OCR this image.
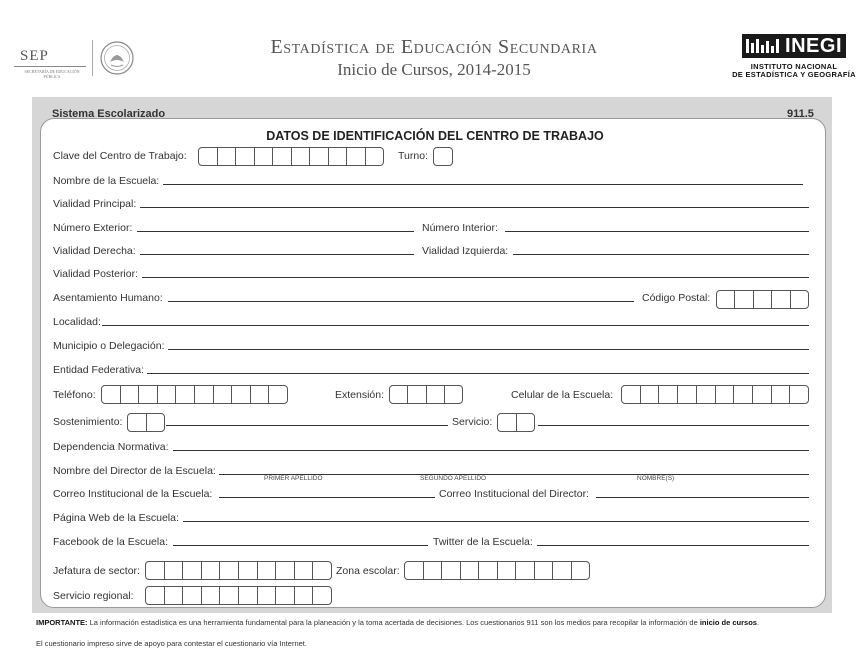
SEP
SECRETARÍA DE EDUCACIÓN PÚBLICA
Estadística de Educación Secundaria
Inicio de Cursos, 2014-2015
INEGI
INSTITUTO NACIONAL
DE ESTADÍSTICA Y GEOGRAFÍA
Sistema Escolarizado	911.5
DATOS DE IDENTIFICACIÓN DEL CENTRO DE TRABAJO
Clave del Centro de Trabajo:	Turno:
Nombre de la Escuela:
Vialidad Principal:
Número Exterior:	Número Interior:
Vialidad Derecha:	Vialidad Izquierda:
Vialidad Posterior:
Asentamiento Humano:	Código Postal:
Localidad:
Municipio o Delegación:
Entidad Federativa:
Teléfono:	Extensión:	Celular de la Escuela:
Sostenimiento:	Servicio:
Dependencia Normativa:
Nombre del Director de la Escuela:
PRIMER APELLIDO	SEGUNDO APELLIDO	NOMBRE(S)
Correo Institucional de la Escuela:	Correo Institucional del Director:
Página Web de la Escuela:
Facebook de la Escuela:	Twitter de la Escuela:
Jefatura de sector:	Zona escolar:
Servicio regional:
IMPORTANTE: La información estadística es una herramienta fundamental para la planeación y la toma acertada de decisiones. Los cuestionarios 911 son los medios para recopilar la información de inicio de cursos.
El cuestionario impreso sirve de apoyo para contestar el cuestionario vía Internet.
